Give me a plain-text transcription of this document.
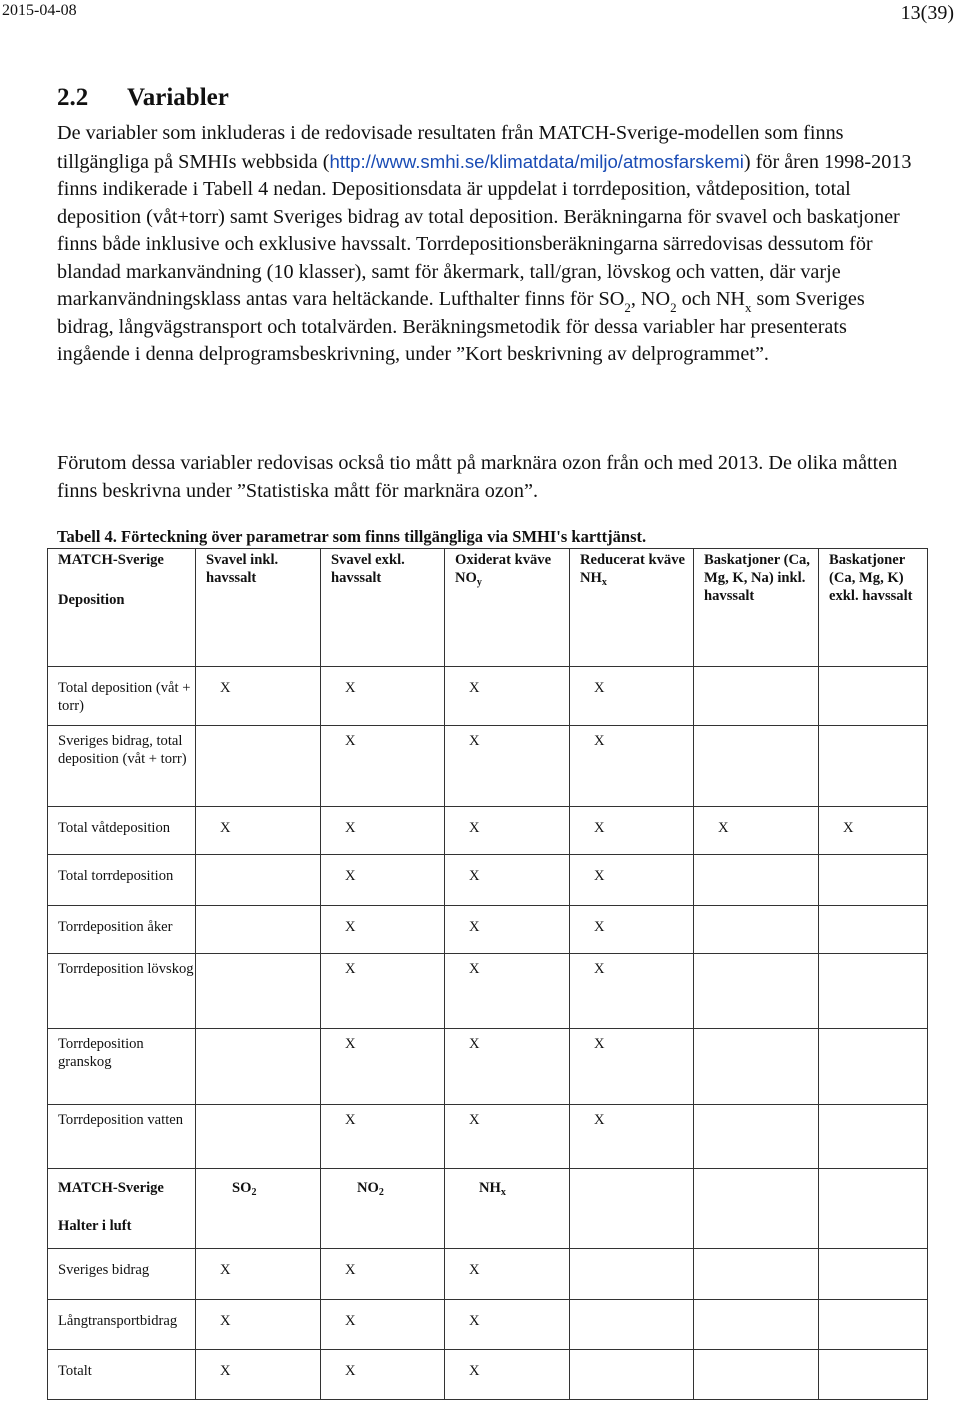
2015-04-08	13(39)
2.2 Variabler
De variabler som inkluderas i de redovisade resultaten från MATCH-Sverige-modellen som finns tillgängliga på SMHIs webbsida (http://www.smhi.se/klimatdata/miljo/atmosfarskemi) för åren 1998-2013 finns indikerade i Tabell 4 nedan. Depositionsdata är uppdelat i torrdeposition, våtdeposition, total deposition (våt+torr) samt Sveriges bidrag av total deposition. Beräkningarna för svavel och baskatjoner finns både inklusive och exklusive havssalt. Torrdepositionsberäkningarna särredovisas dessutom för blandad markanvändning (10 klasser), samt för åkermark, tall/gran, lövskog och vatten, där varje markanvändningsklass antas vara heltäckande. Lufthalter finns för $SO_2$, $NO_2$ och $NH_x$ som Sveriges bidrag, långvägstransport och totalvärden. Beräkningsmetodik för dessa variabler har presenterats ingående i denna delprogramsbeskrivning, under ”Kort beskrivning av delprogrammet”.
Förutom dessa variabler redovisas också tio mått på marknära ozon från och med 2013. De olika måtten finns beskrivna under ”Statistiska mått för marknära ozon”.
Tabell 4. Förteckning över parametrar som finns tillgängliga via SMHI's karttjänst.
MATCH-Sverige
Deposition	Svavel inkl. havssalt	Svavel exkl. havssalt	Oxiderat kväve $NO_y$	Reducerat kväve $NH_x$	Baskatjoner (Ca, Mg, K, Na) inkl. havssalt	Baskatjoner (Ca, Mg, K) exkl. havssalt
Total deposition (våt + torr)	X	X	X	X		
Sveriges bidrag, total deposition (våt + torr)		X	X	X		
Total våtdeposition	X	X	X	X	X	X
Total torrdeposition		X	X	X		
Torrdeposition åker		X	X	X		
Torrdeposition lövskog		X	X	X		
Torrdeposition granskog		X	X	X		
Torrdeposition vatten		X	X	X		
MATCH-Sverige
Halter i luft	$SO_2$	$NO_2$	$NH_x$			
Sveriges bidrag	X	X	X			
Långtransportbidrag	X	X	X			
Totalt	X	X	X			
